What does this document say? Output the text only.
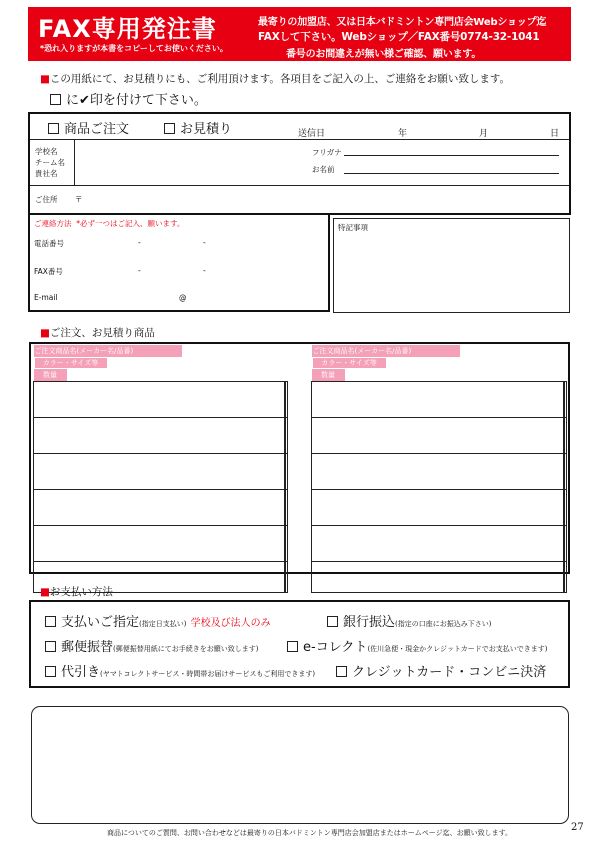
FAX専用発注書
*恐れ入りますが本書をコピーしてお使いください。
最寄りの加盟店、又は日本バドミントン専門店会Webショップ迄
FAXして下さい。Webショップ／FAX番号0774-32-1041
番号のお間違えが無い様ご確認、願います。
■この用紙にて、お見積りにも、ご利用頂けます。各項目をご記入の上、ご連絡をお願い致します。
に✔印を付けて下さい。
商品ご注文	お見積り	送信日	年	月	日
学校名
チーム名
貴社名
フリガナ
お名前
ご住所 〒
ご連絡方法 *必ず一つはご記入、願います。
電話番号	-	-
FAX番号	-	-
E-mail	@
特記事項
■ご注文、お見積り商品
ご注文商品名(メーカー名/品番)
カラー・サイズ等
数量

ご注文商品名(メーカー名/品番)
カラー・サイズ等
数量

■お支払い方法
支払いご指定(指定日支払い) 学校及び法人のみ	銀行振込(指定の口座にお振込み下さい)
郵便振替(郵便振替用紙にてお手続きをお願い致します)	e-コレクト(佐川急便・現金かクレジットカードでお支払いできます)
代引き(ヤマトコレクトサービス・時間帯お届けサービスもご利用できます)	クレジットカード・コンビニ決済
商品についてのご質問、お問い合わせなどは最寄りの日本バドミントン専門店会加盟店またはホームページ迄、お願い致します。	27
